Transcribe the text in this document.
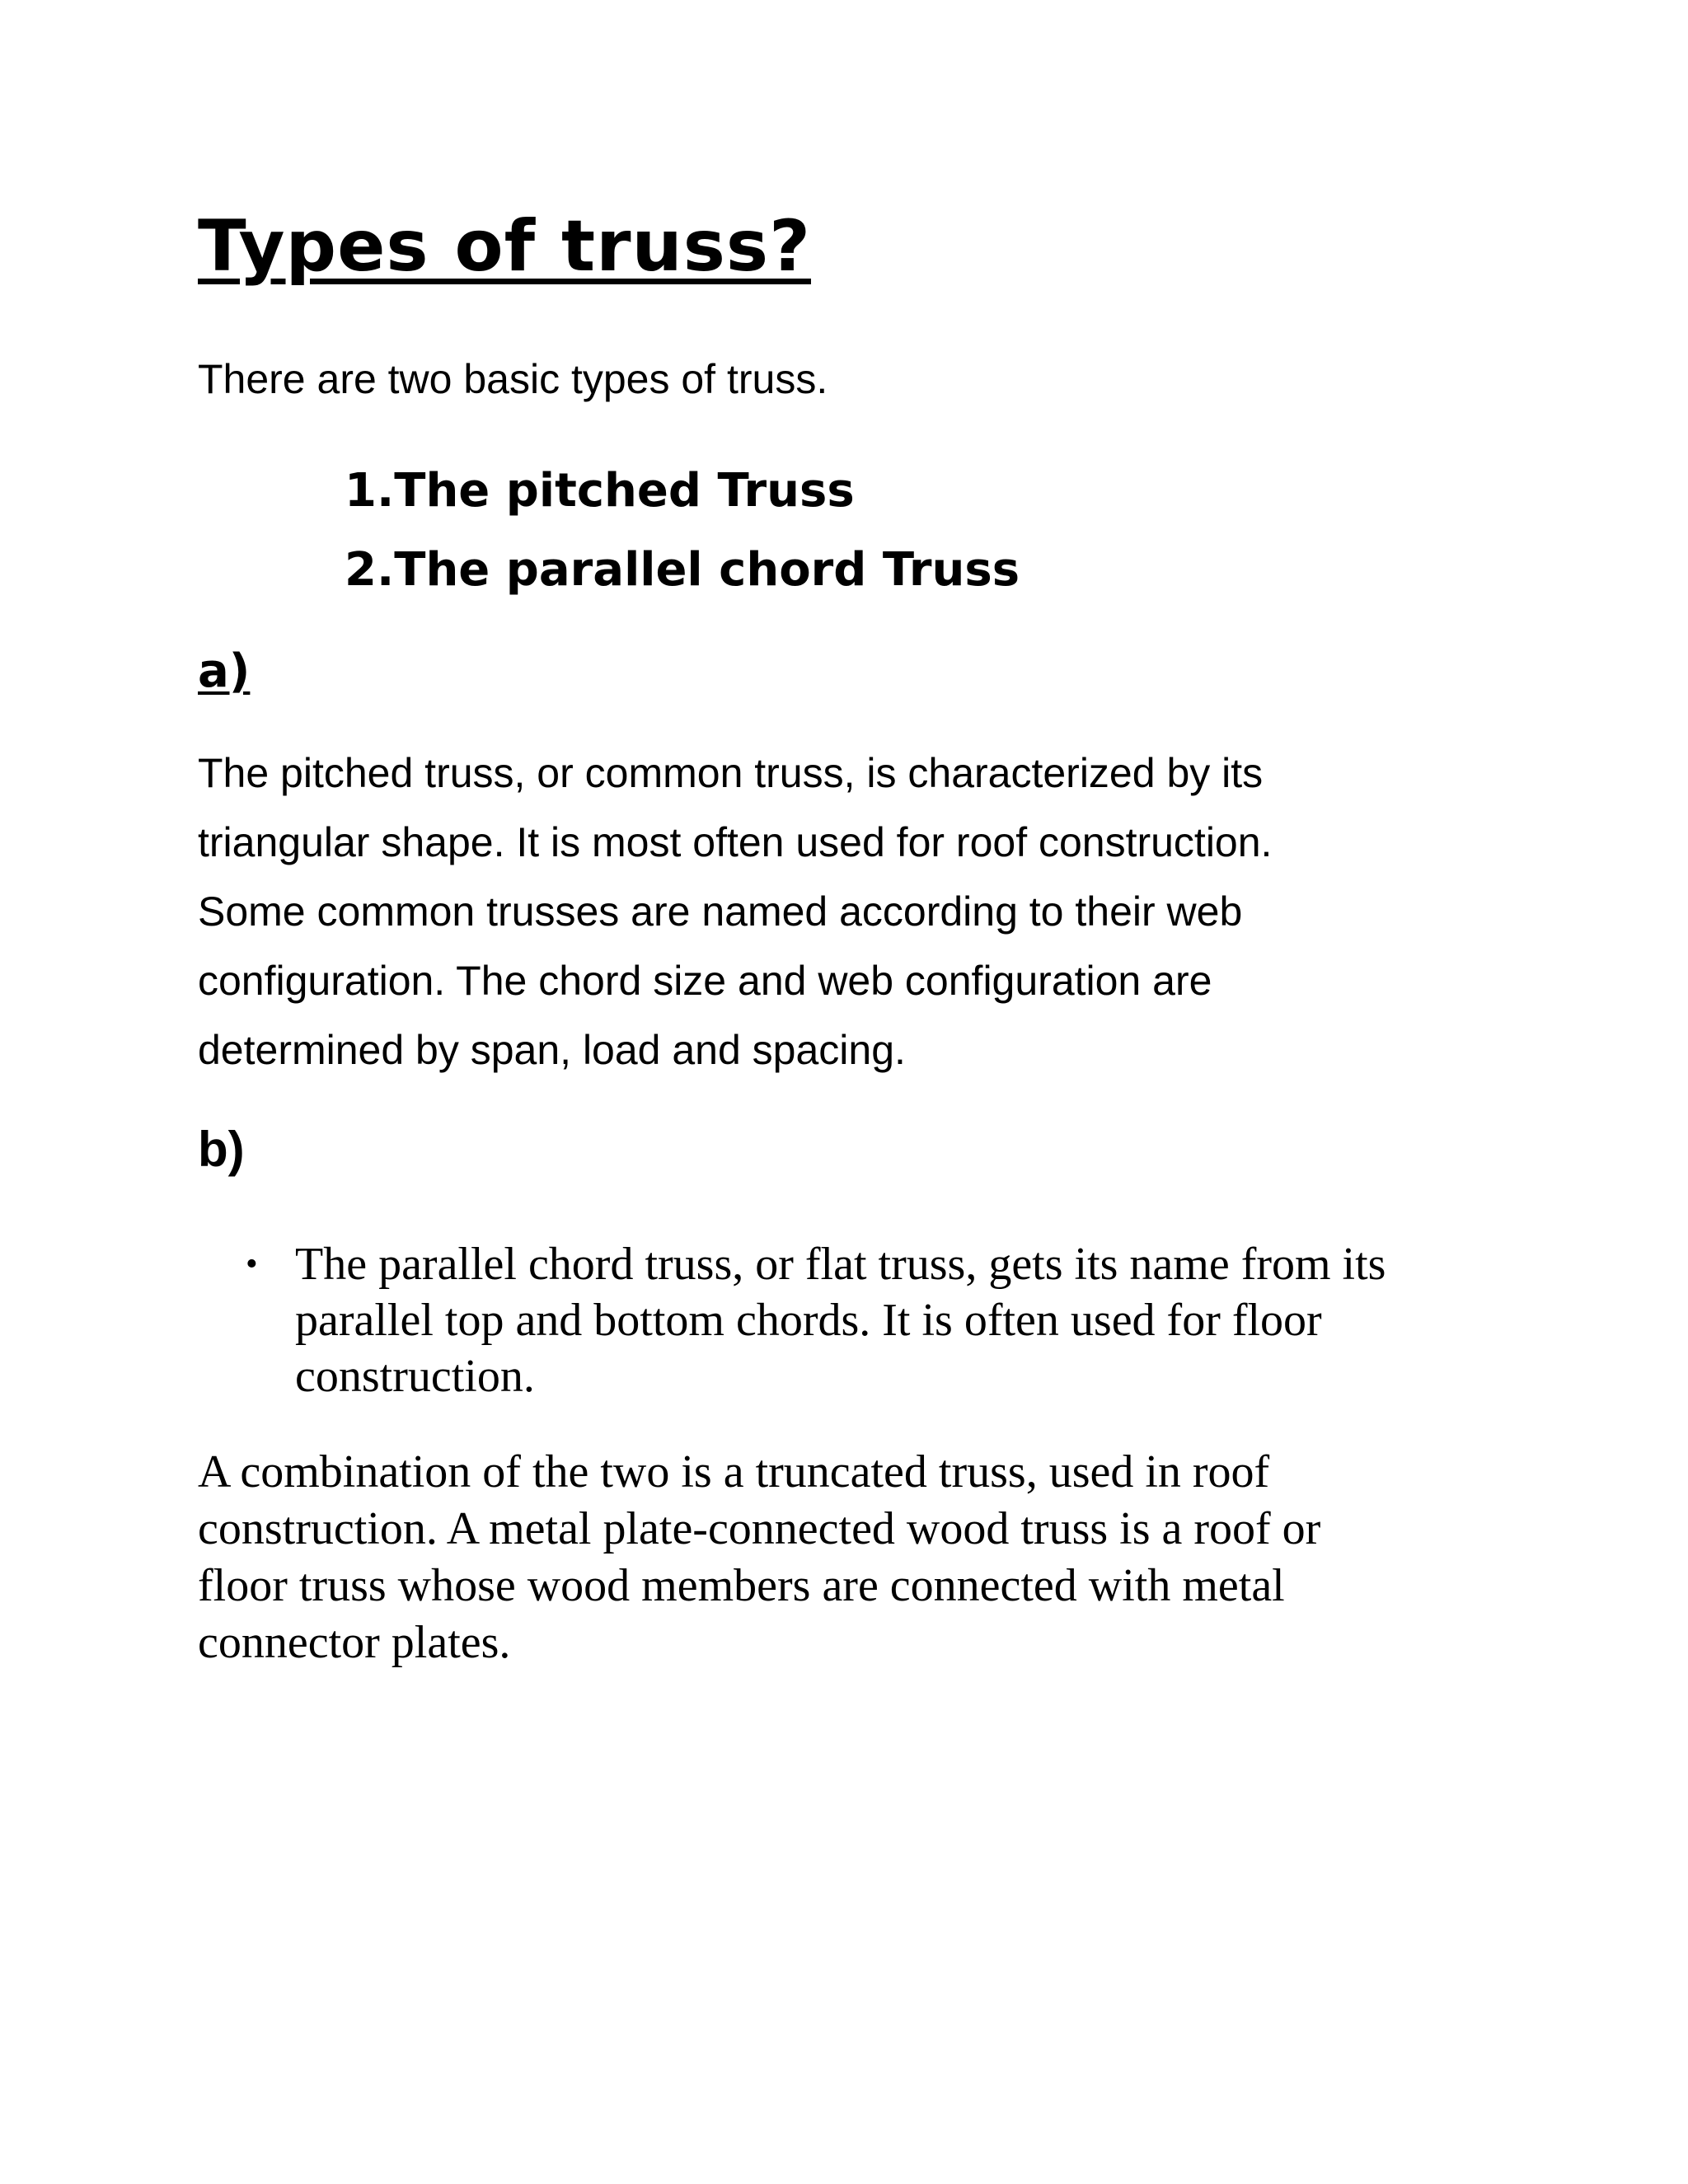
Types of truss?

There are two basic types of truss.

1.The pitched Truss
2.The parallel chord Truss
a)

The pitched truss, or common truss, is characterized by its
triangular shape. It is most often used for roof construction.
Some common trusses are named according to their web
configuration. The chord size and web configuration are
determined by span, load and spacing.

b)
• The parallel chord truss, or flat truss, gets its name from its
parallel top and bottom chords. It is often used for floor
construction.

A combination of the two is a truncated truss, used in roof
construction. A metal plate-connected wood truss is a roof or
floor truss whose wood members are connected with metal
connector plates.
